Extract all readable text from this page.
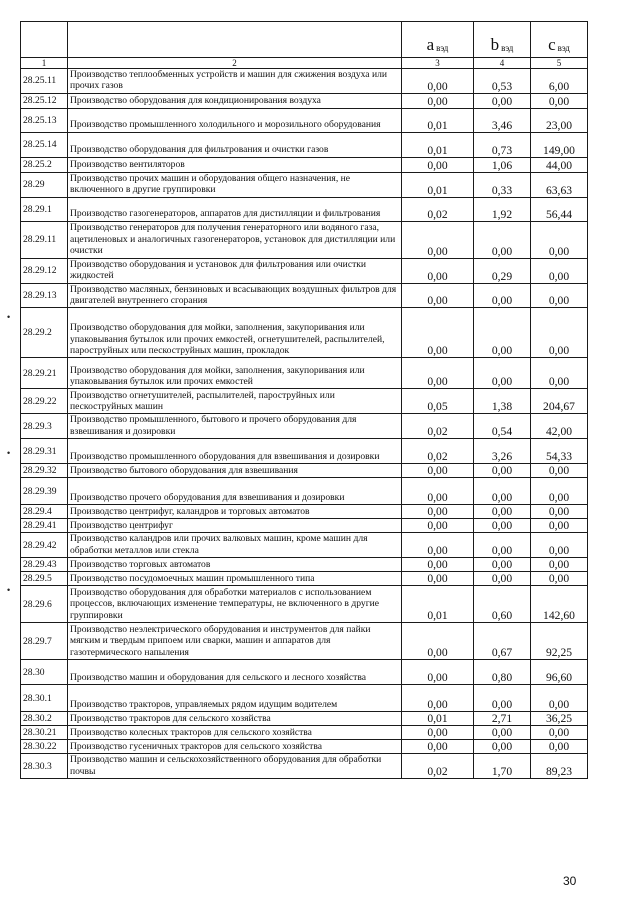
		a $_{вэд}$	b $_{вэд}$	c $_{вэд}$
1	2	3	4	5
28.25.11	Производство теплообменных устройств и машин для сжижения воздуха или прочих газов	0,00	0,53	6,00
28.25.12	Производство оборудования для кондиционирования воздуха	0,00	0,00	0,00
28.25.13	Производство промышленного холодильного и морозильного оборудования	0,01	3,46	23,00
28.25.14	Производство оборудования для фильтрования и очистки газов	0,01	0,73	149,00
28.25.2	Производство вентиляторов	0,00	1,06	44,00
28.29	Производство прочих машин и оборудования общего назначения, не включенного в другие группировки	0,01	0,33	63,63
28.29.1	Производство газогенераторов, аппаратов для дистилляции и фильтрования	0,02	1,92	56,44
28.29.11	Производство генераторов для получения генераторного или водяного газа, ацетиленовых и аналогичных газогенераторов, установок для дистилляции или очистки	0,00	0,00	0,00
28.29.12	Производство оборудования и установок для фильтрования или очистки жидкостей	0,00	0,29	0,00
28.29.13	Производство масляных, бензиновых и всасывающих воздушных фильтров для двигателей внутреннего сгорания	0,00	0,00	0,00
28.29.2	Производство оборудования для мойки, заполнения, закупоривания или упаковывания бутылок или прочих емкостей, огнетушителей, распылителей, пароструйных или пескоструйных машин, прокладок	0,00	0,00	0,00
28.29.21	Производство оборудования для мойки, заполнения, закупоривания или упаковывания бутылок или прочих емкостей	0,00	0,00	0,00
28.29.22	Производство огнетушителей, распылителей, пароструйных или пескоструйных машин	0,05	1,38	204,67
28.29.3	Производство промышленного, бытового и прочего оборудования для взвешивания и дозировки	0,02	0,54	42,00
28.29.31	Производство промышленного оборудования для взвешивания и дозировки	0,02	3,26	54,33
28.29.32	Производство бытового оборудования для взвешивания	0,00	0,00	0,00
28.29.39	Производство прочего оборудования для взвешивания и дозировки	0,00	0,00	0,00
28.29.4	Производство центрифуг, каландров и торговых автоматов	0,00	0,00	0,00
28.29.41	Производство центрифуг	0,00	0,00	0,00
28.29.42	Производство каландров или прочих валковых машин, кроме машин для обработки металлов или стекла	0,00	0,00	0,00
28.29.43	Производство торговых автоматов	0,00	0,00	0,00
28.29.5	Производство посудомоечных машин промышленного типа	0,00	0,00	0,00
28.29.6	Производство оборудования для обработки материалов с использованием процессов, включающих изменение температуры, не включенного в другие группировки	0,01	0,60	142,60
28.29.7	Производство неэлектрического оборудования и инструментов для пайки мягким и твердым припоем или сварки, машин и аппаратов для газотермического напыления	0,00	0,67	92,25
28.30	Производство машин и оборудования для сельского и лесного хозяйства	0,00	0,80	96,60
28.30.1	Производство тракторов, управляемых рядом идущим водителем	0,00	0,00	0,00
28.30.2	Производство тракторов для сельского хозяйства	0,01	2,71	36,25
28.30.21	Производство колесных тракторов для сельского хозяйства	0,00	0,00	0,00
28.30.22	Производство гусеничных тракторов для сельского хозяйства	0,00	0,00	0,00
28.30.3	Производство машин и сельскохозяйственного оборудования для обработки почвы	0,02	1,70	89,23
30
•
•
•
